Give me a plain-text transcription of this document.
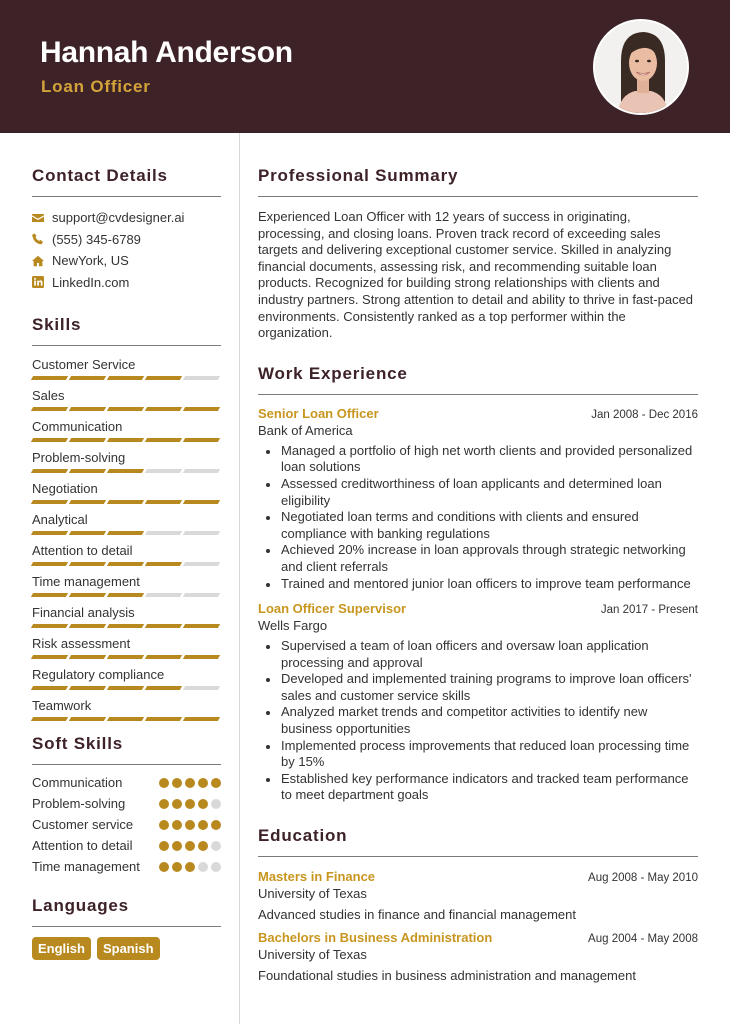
Hannah Anderson
Loan Officer
Contact Details
support@cvdesigner.ai
(555) 345-6789
NewYork, US
LinkedIn.com
Skills
Customer Service
Sales
Communication
Problem-solving
Negotiation
Analytical
Attention to detail
Time management
Financial analysis
Risk assessment
Regulatory compliance
Teamwork
Soft Skills
Communication
Problem-solving
Customer service
Attention to detail
Time management
Languages
English	Spanish
Professional Summary
Experienced Loan Officer with 12 years of success in originating, processing, and closing loans. Proven track record of exceeding sales targets and delivering exceptional customer service. Skilled in analyzing financial documents, assessing risk, and recommending suitable loan products. Recognized for building strong relationships with clients and industry partners. Strong attention to detail and ability to thrive in fast-paced environments. Consistently ranked as a top performer within the organization.
Work Experience
Senior Loan Officer	Jan 2008 - Dec 2016
Bank of America
Managed a portfolio of high net worth clients and provided personalized loan solutions
Assessed creditworthiness of loan applicants and determined loan eligibility
Negotiated loan terms and conditions with clients and ensured compliance with banking regulations
Achieved 20% increase in loan approvals through strategic networking and client referrals
Trained and mentored junior loan officers to improve team performance
Loan Officer Supervisor	Jan 2017 - Present
Wells Fargo
Supervised a team of loan officers and oversaw loan application processing and approval
Developed and implemented training programs to improve loan officers' sales and customer service skills
Analyzed market trends and competitor activities to identify new business opportunities
Implemented process improvements that reduced loan processing time by 15%
Established key performance indicators and tracked team performance to meet department goals
Education
Masters in Finance	Aug 2008 - May 2010
University of Texas
Advanced studies in finance and financial management
Bachelors in Business Administration	Aug 2004 - May 2008
University of Texas
Foundational studies in business administration and management
